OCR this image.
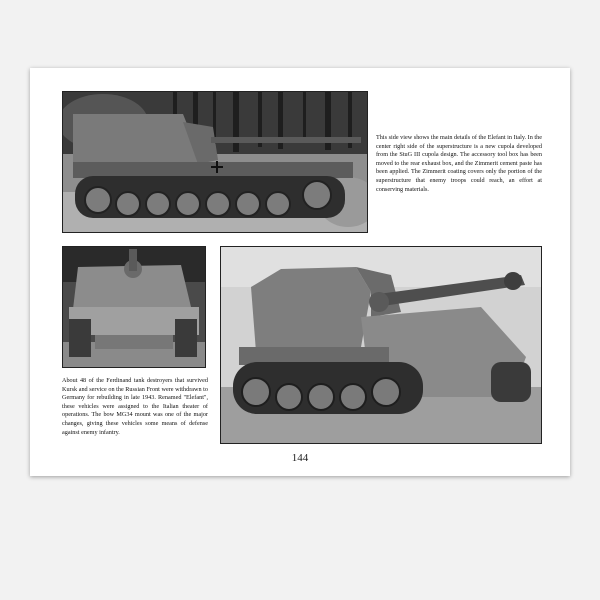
This side view shows the main details of the Elefant in Italy. In the center right side of the superstructure is a new cupola developed from the StuG III cupola design. The accessory tool box has been moved to the rear exhaust box, and the Zimmerit cement paste has been applied. The Zimmerit coating covers only the portion of the superstructure that enemy troops could reach, an effort at conserving materials.
About 48 of the Ferdinand tank destroyers that survived Kursk and service on the Russian Front were withdrawn to Germany for rebuilding in late 1943. Renamed "Elefant", these vehicles were assigned to the Italian theater of operations. The bow MG34 mount was one of the major changes, giving these vehicles some means of defense against enemy infantry.
144
